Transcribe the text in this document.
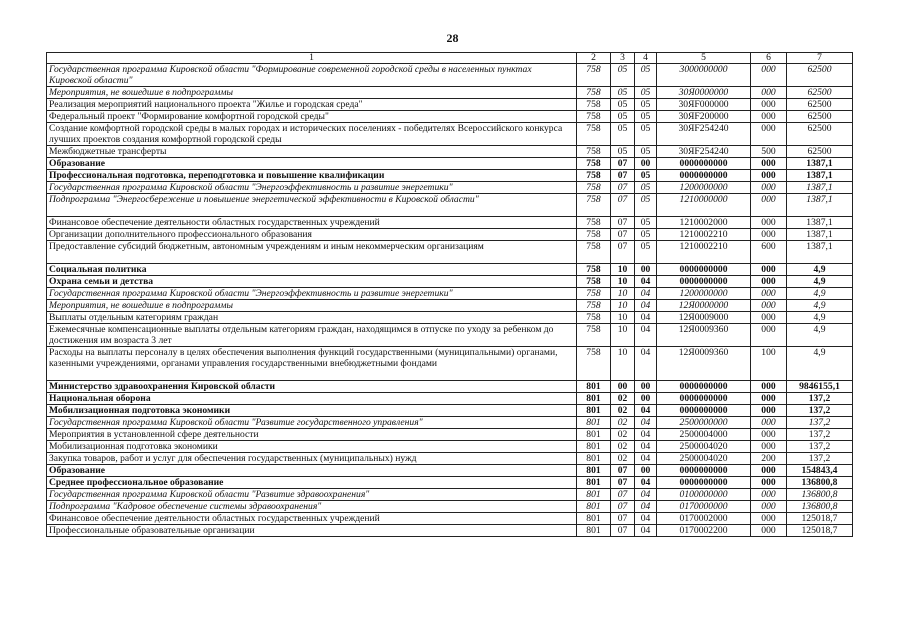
28
1	2	3	4	5	6	7
Государственная программа Кировской области "Формирование современной городской среды в населенных пунктах Кировской области"	758	05	05	3000000000	000	62500
Мероприятия, не вошедшие в подпрограммы	758	05	05	30Я0000000	000	62500
Реализация мероприятий национального проекта "Жилье и городская среда"	758	05	05	30ЯF000000	000	62500
Федеральный проект "Формирование комфортной городской среды"	758	05	05	30ЯF200000	000	62500
Создание комфортной городской среды в малых городах и исторических поселениях - победителях Всероссийского конкурса лучших проектов создания комфортной городской среды	758	05	05	30ЯF254240	000	62500
Межбюджетные трансферты	758	05	05	30ЯF254240	500	62500
Образование	758	07	00	0000000000	000	1387,1
Профессиональная подготовка, переподготовка и повышение квалификации	758	07	05	0000000000	000	1387,1
Государственная программа Кировской области "Энергоэффективность и развитие энергетики"	758	07	05	1200000000	000	1387,1
Подпрограмма "Энергосбережение и повышение энергетической эффективности в Кировской области"	758	07	05	1210000000	000	1387,1
Финансовое обеспечение деятельности областных государственных учреждений	758	07	05	1210002000	000	1387,1
Организации дополнительного профессионального образования	758	07	05	1210002210	000	1387,1
Предоставление субсидий бюджетным, автономным учреждениям и иным некоммерческим организациям	758	07	05	1210002210	600	1387,1
Социальная политика	758	10	00	0000000000	000	4,9
Охрана семьи и детства	758	10	04	0000000000	000	4,9
Государственная программа Кировской области "Энергоэффективность и развитие энергетики"	758	10	04	1200000000	000	4,9
Мероприятия, не вошедшие в подпрограммы	758	10	04	12Я0000000	000	4,9
Выплаты отдельным категориям граждан	758	10	04	12Я0009000	000	4,9
Ежемесячные компенсационные выплаты отдельным категориям граждан, находящимся в отпуске по уходу за ребенком до достижения им возраста 3 лет	758	10	04	12Я0009360	000	4,9
Расходы на выплаты персоналу в целях обеспечения выполнения функций государственными (муниципальными) органами, казенными учреждениями, органами управления государственными внебюджетными фондами	758	10	04	12Я0009360	100	4,9
Министерство здравоохранения Кировской области	801	00	00	0000000000	000	9846155,1
Национальная оборона	801	02	00	0000000000	000	137,2
Мобилизационная подготовка экономики	801	02	04	0000000000	000	137,2
Государственная программа Кировской области "Развитие государственного управления"	801	02	04	2500000000	000	137,2
Мероприятия в установленной сфере деятельности	801	02	04	2500004000	000	137,2
Мобилизационная подготовка экономики	801	02	04	2500004020	000	137,2
Закупка товаров, работ и услуг для обеспечения государственных (муниципальных) нужд	801	02	04	2500004020	200	137,2
Образование	801	07	00	0000000000	000	154843,4
Среднее профессиональное образование	801	07	04	0000000000	000	136800,8
Государственная программа Кировской области "Развитие здравоохранения"	801	07	04	0100000000	000	136800,8
Подпрограмма "Кадровое обеспечение системы здравоохранения"	801	07	04	0170000000	000	136800,8
Финансовое обеспечение деятельности областных государственных учреждений	801	07	04	0170002000	000	125018,7
Профессиональные образовательные организации	801	07	04	0170002200	000	125018,7
